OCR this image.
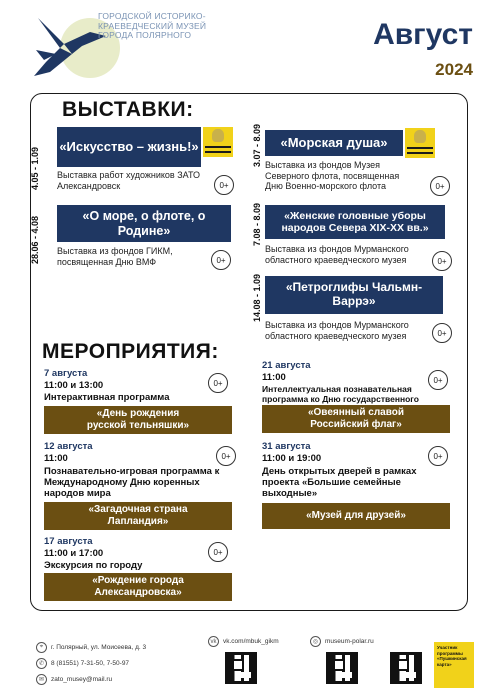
ГОРОДСКОЙ ИСТОРИКО-КРАЕВЕДЧЕСКИЙ МУЗЕЙ ГОРОДА ПОЛЯРНОГО	Август
2024
ВЫСТАВКИ:
4.05 - 1.09
«Искусство – жизнь!»
Выставка работ художников ЗАТО Александровск	0+
28.06 - 4.08	«О море, о флоте, о Родине»
Выставка из фондов ГИКМ, посвященная Дню ВМФ	0+
3.07 - 8.09	«Морская душа»
Выставка из фондов Музея Северного флота, посвященная Дню Военно-морского флота	0+
7.08 - 8.09	«Женские головные уборы народов Севера XIX-XX вв.»
Выставка из фондов Мурманского областного краеведческого музея	0+
14.08 - 1.09	«Петроглифы Чальмн-Варрэ»
Выставка из фондов Мурманского областного краеведческого музея	0+
МЕРОПРИЯТИЯ:
7 августа
11:00 и 13:00
Интерактивная программа
0+
«День рождения русской тельняшки»
12 августа
11:00
Познавательно-игровая программа к Международному Дню коренных народов мира
0+
«Загадочная страна Лапландия»
17 августа
11:00 и 17:00
Экскурсия по городу
0+
«Рождение города Александровска»
21 августа
11:00
Интеллектуальная познавательная программа ко Дню государственного
0+
«Овеянный славой Российский флаг»
31 августа
11:00 и 19:00
День открытых дверей в рамках проекта «Большие семейные выходные»
0+
«Музей для друзей»
⌖	г. Полярный, ул. Моисеева, д. 3
✆	8 (81551) 7-31-50, 7-50-97
✉	zato_musey@mail.ru
vk	vk.com/mbuk_gikm	◎	museum-polar.ru
Участник программы «Пушкинская карта»
